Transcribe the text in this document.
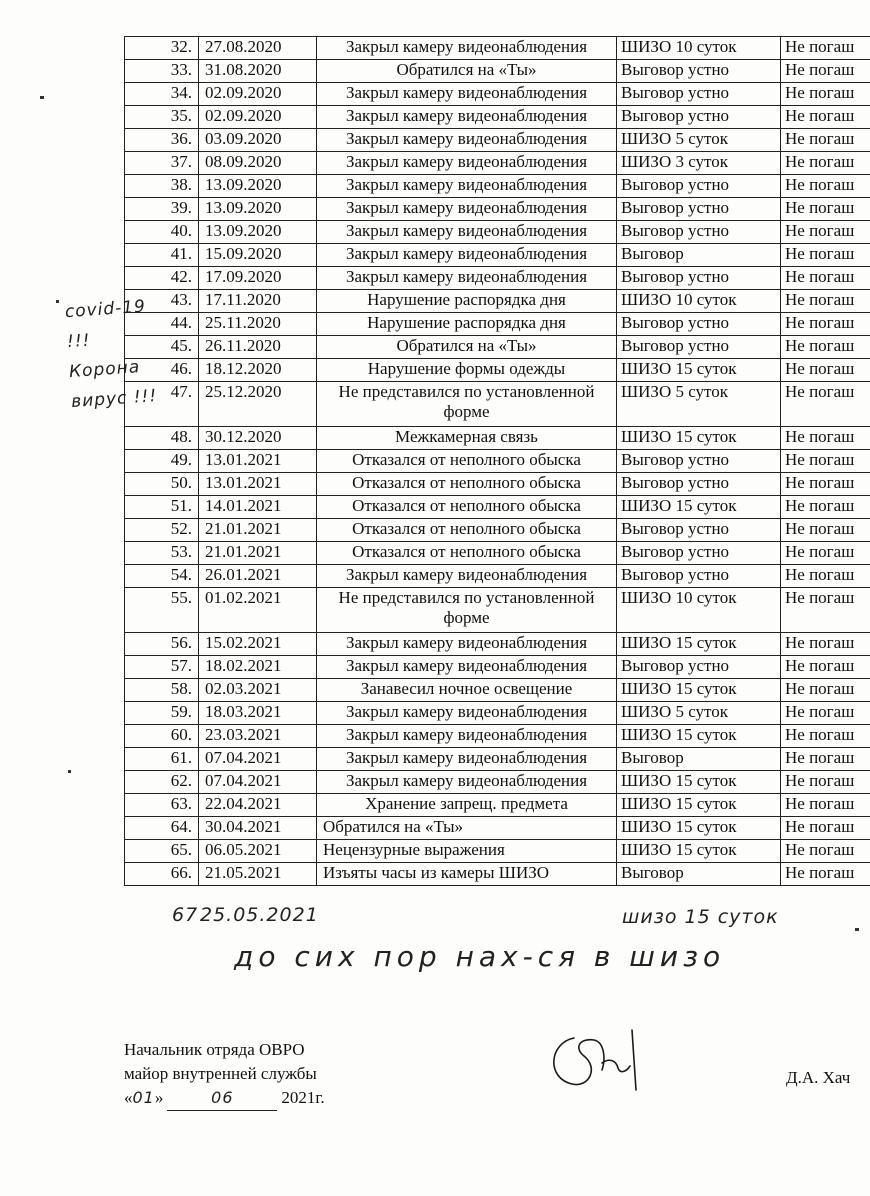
32.	27.08.2020	Закрыл камеру видеонаблюдения	ШИЗО 10 суток	Не погаш
33.	31.08.2020	Обратился на «Ты»	Выговор устно	Не погаш
34.	02.09.2020	Закрыл камеру видеонаблюдения	Выговор устно	Не погаш
35.	02.09.2020	Закрыл камеру видеонаблюдения	Выговор устно	Не погаш
36.	03.09.2020	Закрыл камеру видеонаблюдения	ШИЗО 5 суток	Не погаш
37.	08.09.2020	Закрыл камеру видеонаблюдения	ШИЗО 3 суток	Не погаш
38.	13.09.2020	Закрыл камеру видеонаблюдения	Выговор устно	Не погаш
39.	13.09.2020	Закрыл камеру видеонаблюдения	Выговор устно	Не погаш
40.	13.09.2020	Закрыл камеру видеонаблюдения	Выговор устно	Не погаш
41.	15.09.2020	Закрыл камеру видеонаблюдения	Выговор	Не погаш
42.	17.09.2020	Закрыл камеру видеонаблюдения	Выговор устно	Не погаш
43.	17.11.2020	Нарушение распорядка дня	ШИЗО 10 суток	Не погаш
44.	25.11.2020	Нарушение распорядка дня	Выговор устно	Не погаш
45.	26.11.2020	Обратился на «Ты»	Выговор устно	Не погаш
46.	18.12.2020	Нарушение формы одежды	ШИЗО 15 суток	Не погаш
47.	25.12.2020	Не представился по установленной форме	ШИЗО 5 суток	Не погаш
48.	30.12.2020	Межкамерная связь	ШИЗО 15 суток	Не погаш
49.	13.01.2021	Отказался от неполного обыска	Выговор устно	Не погаш
50.	13.01.2021	Отказался от неполного обыска	Выговор устно	Не погаш
51.	14.01.2021	Отказался от неполного обыска	ШИЗО 15 суток	Не погаш
52.	21.01.2021	Отказался от неполного обыска	Выговор устно	Не погаш
53.	21.01.2021	Отказался от неполного обыска	Выговор устно	Не погаш
54.	26.01.2021	Закрыл камеру видеонаблюдения	Выговор устно	Не погаш
55.	01.02.2021	Не представился по установленной форме	ШИЗО 10 суток	Не погаш
56.	15.02.2021	Закрыл камеру видеонаблюдения	ШИЗО 15 суток	Не погаш
57.	18.02.2021	Закрыл камеру видеонаблюдения	Выговор устно	Не погаш
58.	02.03.2021	Занавесил ночное освещение	ШИЗО 15 суток	Не погаш
59.	18.03.2021	Закрыл камеру видеонаблюдения	ШИЗО 5 суток	Не погаш
60.	23.03.2021	Закрыл камеру видеонаблюдения	ШИЗО 15 суток	Не погаш
61.	07.04.2021	Закрыл камеру видеонаблюдения	Выговор	Не погаш
62.	07.04.2021	Закрыл камеру видеонаблюдения	ШИЗО 15 суток	Не погаш
63.	22.04.2021	Хранение запрещ. предмета	ШИЗО 15 суток	Не погаш
64.	30.04.2021	Обратился на «Ты»	ШИЗО 15 суток	Не погаш
65.	06.05.2021	Нецензурные выражения	ШИЗО 15 суток	Не погаш
66.	21.05.2021	Изъяты часы из камеры ШИЗО	Выговор	Не погаш
covid-19 !!!
Корона
вирус !!!
67 25.05.2021	шизо 15 суток
до сих пор нах-ся в шизо
Начальник отряда ОВРО
майор внутренней службы
«01»	06	2021г.
Д.А. Хач
